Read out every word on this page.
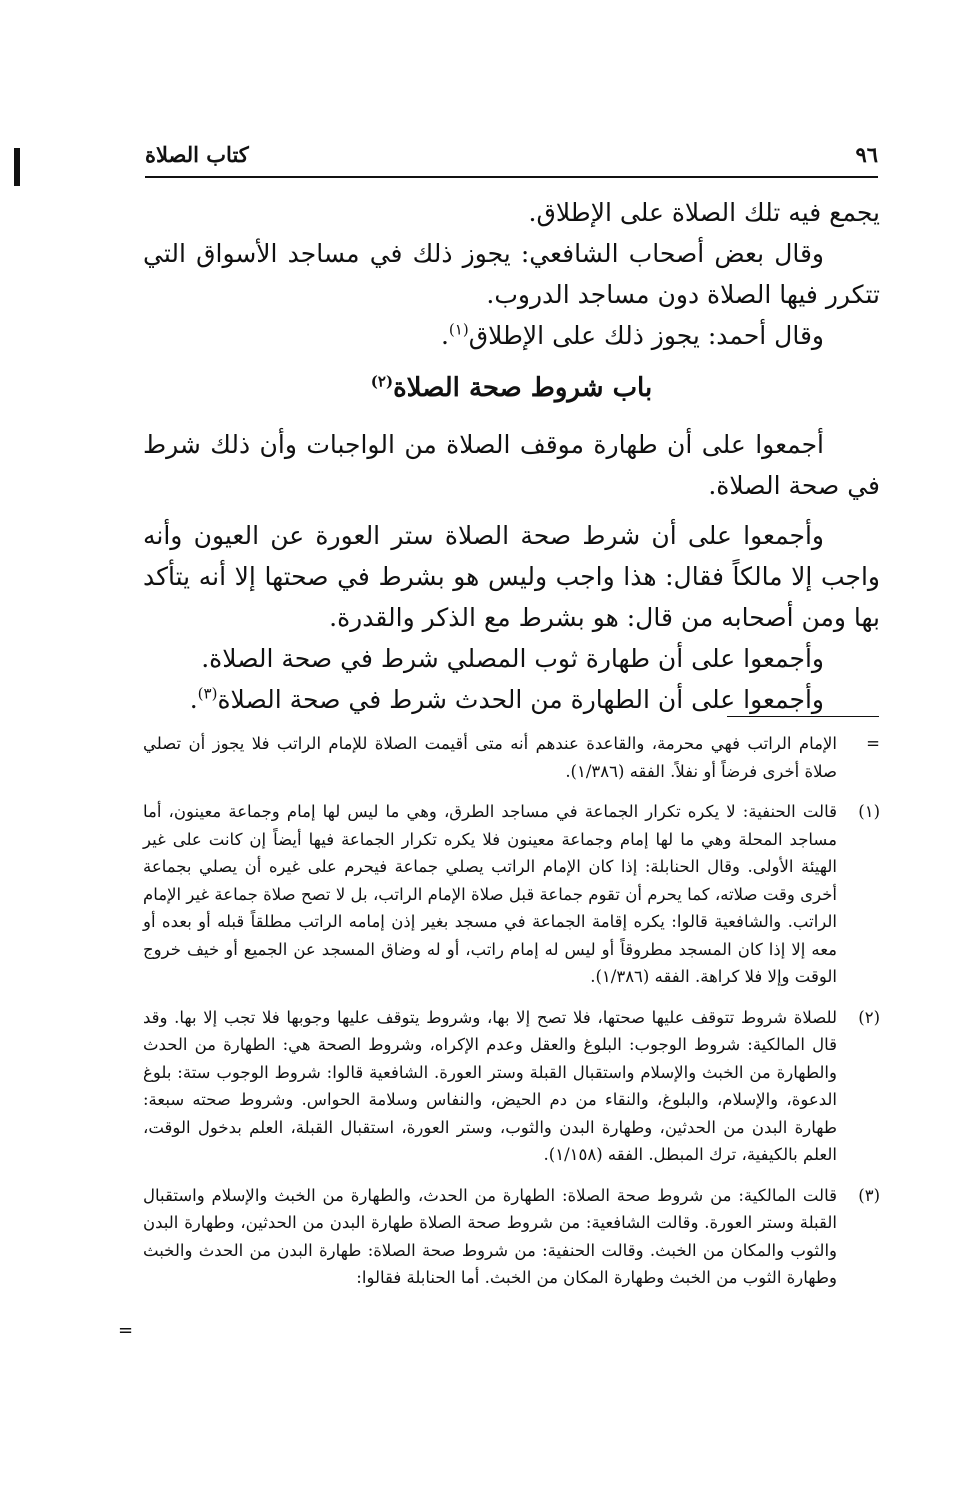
٩٦
كتاب الصلاة

يجمع فيه تلك الصلاة على الإطلاق.

وقال بعض أصحاب الشافعي: يجوز ذلك في مساجد الأسواق التي تتكرر فيها الصلاة دون مساجد الدروب.

وقال أحمد: يجوز ذلك على الإطلاق$^{(١)}$.

باب شروط صحة الصلاة$^{(٢)}$

أجمعوا على أن طهارة موقف الصلاة من الواجبات وأن ذلك شرط في صحة الصلاة.

وأجمعوا على أن شرط صحة الصلاة ستر العورة عن العيون وأنه واجب إلا مالكاً فقال: هذا واجب وليس هو بشرط في صحتها إلا أنه يتأكد بها ومن أصحابه من قال: هو بشرط مع الذكر والقدرة.

وأجمعوا على أن طهارة ثوب المصلي شرط في صحة الصلاة.

وأجمعوا على أن الطهارة من الحدث شرط في صحة الصلاة$^{(٣)}$.

=
الإمام الراتب فهي محرمة، والقاعدة عندهم أنه متى أقيمت الصلاة للإمام الراتب فلا يجوز أن تصلي صلاة أخرى فرضاً أو نفلاً. الفقه (١/٣٨٦).
(١)
قالت الحنفية: لا يكره تكرار الجماعة في مساجد الطرق، وهي ما ليس لها إمام وجماعة معينون، أما مساجد المحلة وهي ما لها إمام وجماعة معينون فلا يكره تكرار الجماعة فيها أيضاً إن كانت على غير الهيئة الأولى. وقال الحنابلة: إذا كان الإمام الراتب يصلي جماعة فيحرم على غيره أن يصلي بجماعة أخرى وقت صلاته، كما يحرم أن تقوم جماعة قبل صلاة الإمام الراتب، بل لا تصح صلاة جماعة غير الإمام الراتب. والشافعية قالوا: يكره إقامة الجماعة في مسجد بغير إذن إمامه الراتب مطلقاً قبله أو بعده أو معه إلا إذا كان المسجد مطروقاً أو ليس له إمام راتب، أو له وضاق المسجد عن الجميع أو خيف خروج الوقت وإلا فلا كراهة. الفقه (١/٣٨٦).
(٢)
للصلاة شروط تتوقف عليها صحتها، فلا تصح إلا بها، وشروط يتوقف عليها وجوبها فلا تجب إلا بها. وقد قال المالكية: شروط الوجوب: البلوغ والعقل وعدم الإكراه، وشروط الصحة هي: الطهارة من الحدث والطهارة من الخبث والإسلام واستقبال القبلة وستر العورة. الشافعية قالوا: شروط الوجوب ستة: بلوغ الدعوة، والإسلام، والبلوغ، والنقاء من دم الحيض، والنفاس وسلامة الحواس. وشروط صحته سبعة: طهارة البدن من الحدثين، وطهارة البدن والثوب، وستر العورة، استقبال القبلة، العلم بدخول الوقت، العلم بالكيفية، ترك المبطل. الفقه (١/١٥٨).
(٣)
قالت المالكية: من شروط صحة الصلاة: الطهارة من الحدث، والطهارة من الخبث والإسلام واستقبال القبلة وستر العورة. وقالت الشافعية: من شروط صحة الصلاة طهارة البدن من الحدثين، وطهارة البدن والثوب والمكان من الخبث. وقالت الحنفية: من شروط صحة الصلاة: طهارة البدن من الحدث والخبث وطهارة الثوب من الخبث وطهارة المكان من الخبث. أما الحنابلة فقالوا:
=
